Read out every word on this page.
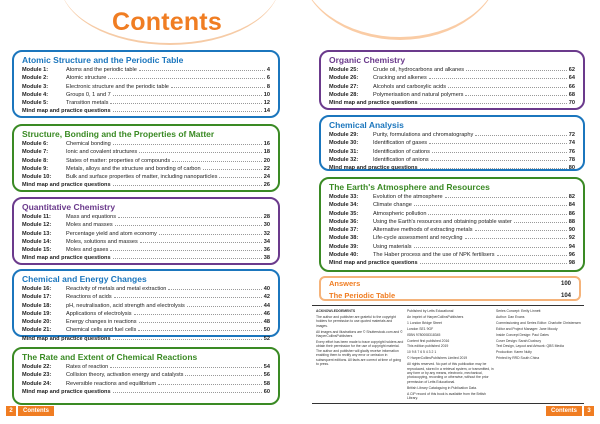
Contents
Atomic Structure and the Periodic Table
Module 1:	Atoms and the periodic table	4
Module 2:	Atomic structure	6
Module 3:	Electronic structure and the periodic table	8
Module 4:	Groups 0, 1 and 7	10
Module 5:	Transition metals	12
Mind map and practice questions	14
Structure, Bonding and the Properties of Matter
Module 6:	Chemical bonding	16
Module 7:	Ionic and covalent structures	18
Module 8:	States of matter: properties of compounds	20
Module 9:	Metals, alloys and the structure and bonding of carbon	22
Module 10:	Bulk and surface properties of matter, including nanoparticles	24
Mind map and practice questions	26
Quantitative Chemistry
Module 11:	Mass and equations	28
Module 12:	Moles and masses	30
Module 13:	Percentage yield and atom economy	32
Module 14:	Moles, solutions and masses	34
Module 15:	Moles and gases	36
Mind map and practice questions	38
Chemical and Energy Changes
Module 16:	Reactivity of metals and metal extraction	40
Module 17:	Reactions of acids	42
Module 18:	pH, neutralisation, acid strength and electrolysis	44
Module 19:	Applications of electrolysis	46
Module 20:	Energy changes in reactions	48
Module 21:	Chemical cells and fuel cells	50
Mind map and practice questions	52
The Rate and Extent of Chemical Reactions
Module 22:	Rates of reaction	54
Module 23:	Collision theory, activation energy and catalysts	56
Module 24:	Reversible reactions and equilibrium	58
Mind map and practice questions	60
Organic Chemistry
Module 25:	Crude oil, hydrocarbons and alkanes	62
Module 26:	Cracking and alkenes	64
Module 27:	Alcohols and carboxylic acids	66
Module 28:	Polymerisation and natural polymers	68
Mind map and practice questions	70
Chemical Analysis
Module 29:	Purity, formulations and chromatography	72
Module 30:	Identification of gases	74
Module 31:	Identification of cations	76
Module 32:	Identification of anions	78
Mind map and practice questions	80
The Earth's Atmosphere and Resources
Module 33:	Evolution of the atmosphere	82
Module 34:	Climate change	84
Module 35:	Atmospheric pollution	86
Module 36:	Using the Earth's resources and obtaining potable water	88
Module 37:	Alternative methods of extracting metals	90
Module 38:	Life-cycle assessment and recycling	92
Module 39:	Using materials	94
Module 40:	The Haber process and the use of NPK fertilisers	96
Mind map and practice questions	98
Answers	100
The Periodic Table	104
ACKNOWLEDGEMENTS
The author and publisher are grateful to the copyright holders for permission to use quoted materials and images.
All images and illustrations are © Shutterstock.com and © HarperCollinsPublishers
Every effort has been made to trace copyright holders and obtain their permission for the use of copyright material. The author and publisher will gladly receive information enabling them to rectify any error or omission in subsequent editions. All facts are correct at time of going to press.
Published by Letts Educational
An imprint of HarperCollinsPublishers
1 London Bridge Street
London SE1 9GF
ISBN 9780008318345
Content first published 2016
This edition published 2019
10 9 8 7 6 5 4 3 2 1
© HarperCollinsPublishers Limited 2019
All rights reserved. No part of this publication may be reproduced, stored in a retrieval system, or transmitted, in any form or by any means, electronic, mechanical, photocopying, recording or otherwise, without the prior permission of Letts Educational.
British Library Cataloguing in Publication Data.
A CIP record of this book is available from the British Library.
Series Concept: Emily Linnett
Author: Dan Evans
Commissioning and Series Editor: Charlotte Christensen
Editor and Project Manager: Jane Moody
Inside Concept Design: Paul Oates
Cover Design: Sarah Duxbury
Text Design, Layout and Artwork: QBS Media
Production: Karen Nulty
Printed by RRD South China
2	Contents	Contents	3
